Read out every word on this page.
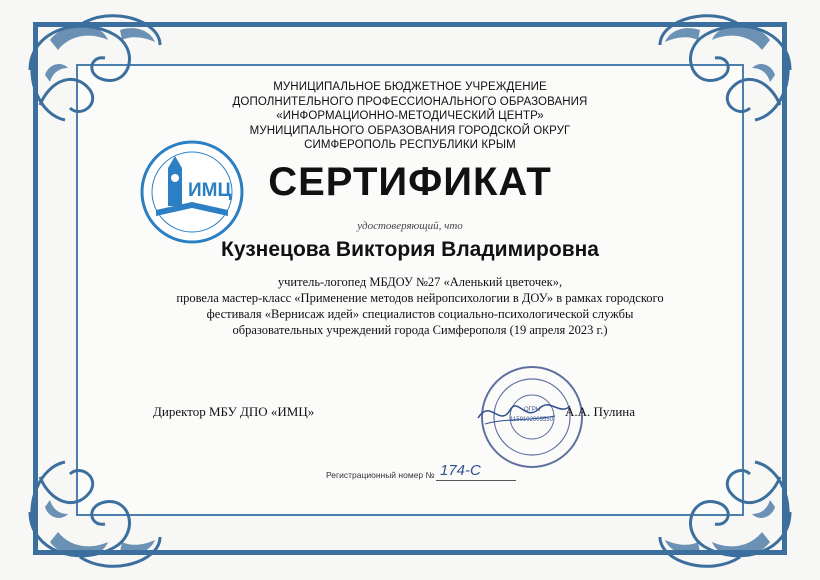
МУНИЦИПАЛЬНОЕ БЮДЖЕТНОЕ УЧРЕЖДЕНИЕ
ДОПОЛНИТЕЛЬНОГО ПРОФЕССИОНАЛЬНОГО ОБРАЗОВАНИЯ
«ИНФОРМАЦИОННО-МЕТОДИЧЕСКИЙ ЦЕНТР»
МУНИЦИПАЛЬНОГО ОБРАЗОВАНИЯ ГОРОДСКОЙ ОКРУГ
СИМФЕРОПОЛЬ РЕСПУБЛИКИ КРЫМ
ИМЦ СЕРТИФИКАТ
удостоверяющий, что
Кузнецова Виктория Владимировна
учитель-логопед МБДОУ №27 «Аленький цветочек»,
провела мастер-класс «Применение методов нейропсихологии в ДОУ» в рамках городского
фестиваля «Вернисаж идей» специалистов социально-психологической службы
образовательных учреждений города Симферополя (19 апреля 2023 г.)
ОГРН
1159102009550
Директор МБУ ДПО «ИМЦ»	А.А. Пулина
Регистрационный номер № 174-С
